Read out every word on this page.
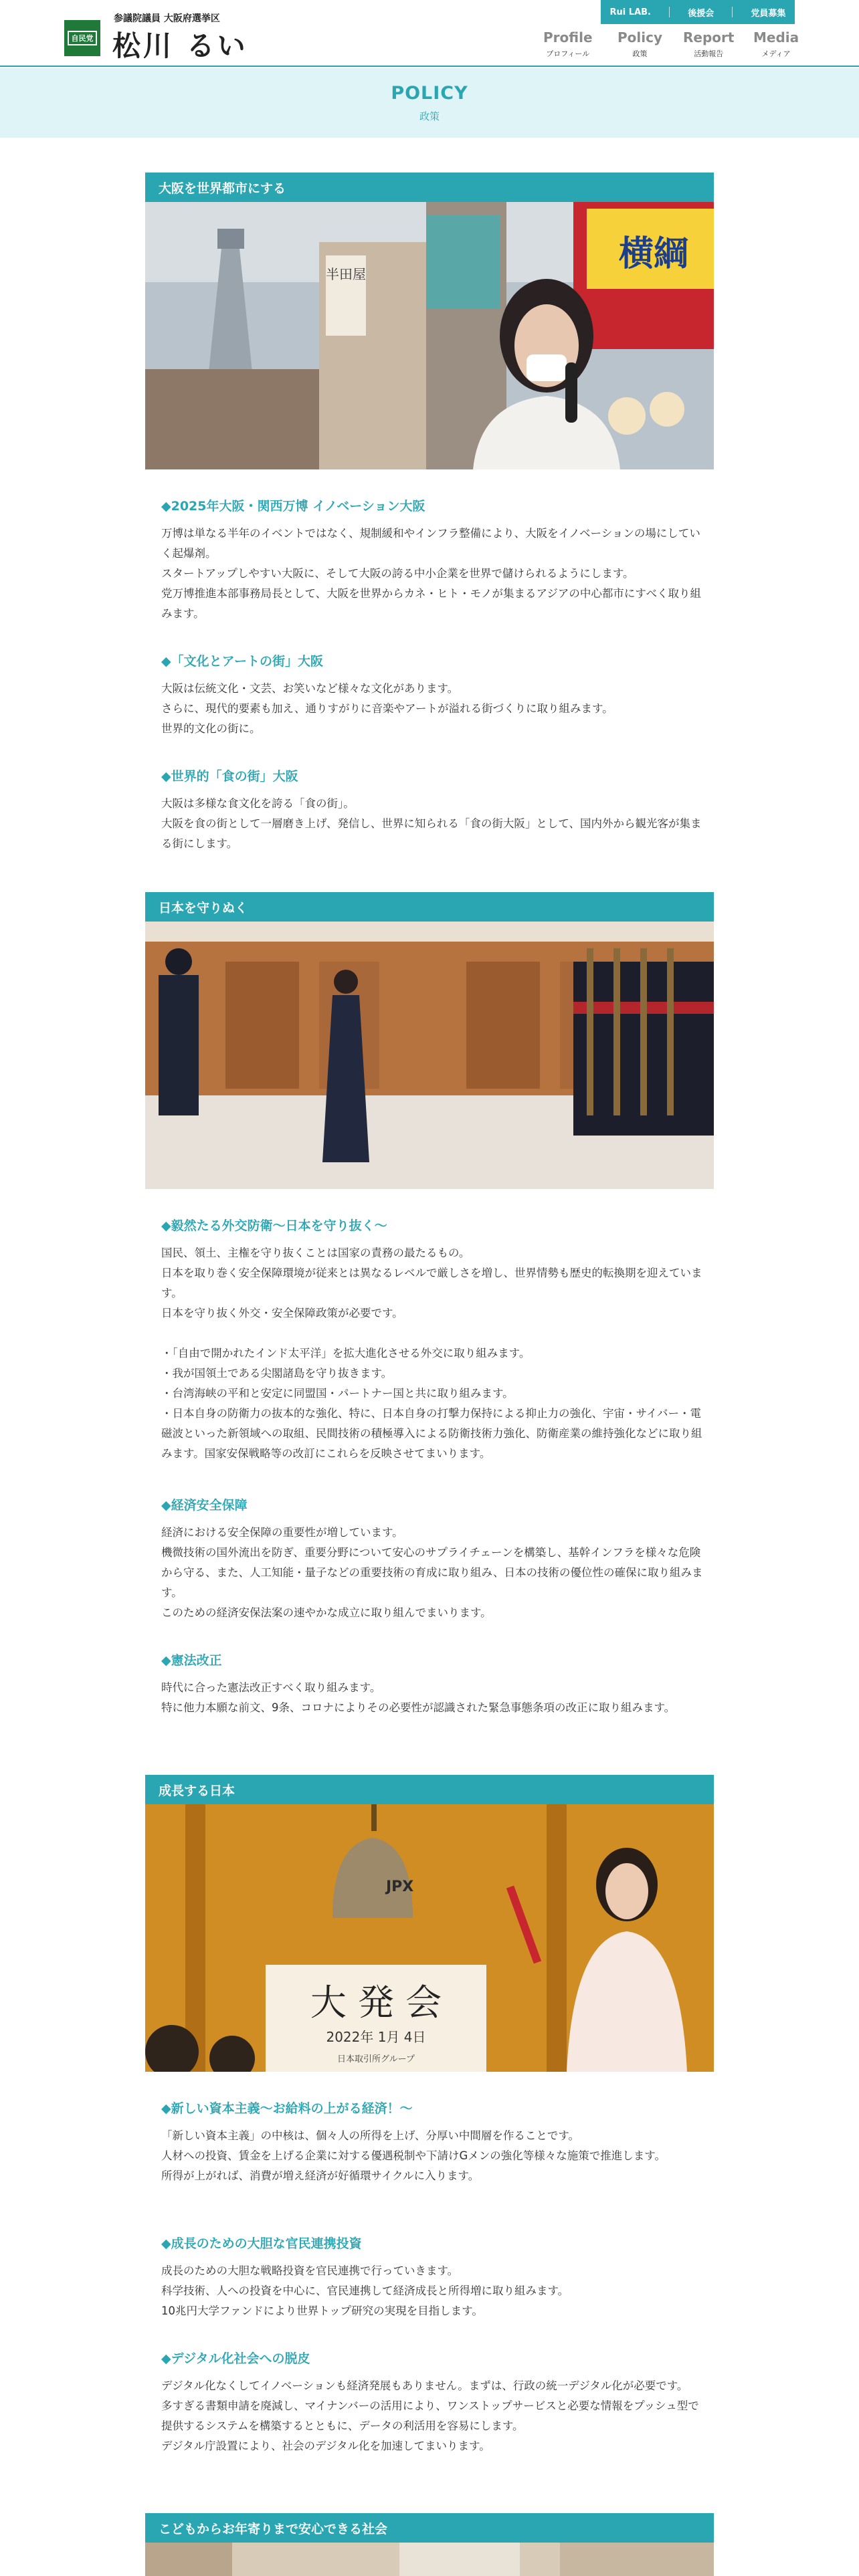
自民党
参議院議員 大阪府選挙区
松川 るい
Rui LAB.	後援会	党員募集
Profile
プロフィール
Policy
政策
Report
活動報告
Media
メディア
POLICY
政策
大阪を世界都市にする
半田屋	横綱
◆2025年大阪・関西万博 イノベーション大阪

万博は単なる半年のイベントではなく、規制緩和やインフラ整備により、大阪をイノベーションの場にしていく起爆剤。
スタートアップしやすい大阪に、そして大阪の誇る中小企業を世界で儲けられるようにします。
党万博推進本部事務局長として、大阪を世界からカネ・ヒト・モノが集まるアジアの中心都市にすべく取り組みます。

◆「文化とアートの街」大阪

大阪は伝統文化・文芸、お笑いなど様々な文化があります。
さらに、現代的要素も加え、通りすがりに音楽やアートが溢れる街づくりに取り組みます。
世界的文化の街に。

◆世界的「食の街」大阪

大阪は多様な食文化を誇る「食の街」。
大阪を食の街として一層磨き上げ、発信し、世界に知られる「食の街大阪」として、国内外から観光客が集まる街にします。

日本を守りぬく
◆毅然たる外交防衛〜日本を守り抜く〜

国民、領土、主権を守り抜くことは国家の責務の最たるもの。
日本を取り巻く安全保障環境が従来とは異なるレベルで厳しさを増し、世界情勢も歴史的転換期を迎えています。
日本を守り抜く外交・安全保障政策が必要です。

・「自由で開かれたインド太平洋」を拡大進化させる外交に取り組みます。
・我が国領土である尖閣諸島を守り抜きます。
・台湾海峡の平和と安定に同盟国・パートナー国と共に取り組みます。
・日本自身の防衛力の抜本的な強化、特に、日本自身の打撃力保持による抑止力の強化、宇宙・サイバー・電磁波といった新領域への取組、民間技術の積極導入による防衛技術力強化、防衛産業の維持強化などに取り組みます。国家安保戦略等の改訂にこれらを反映させてまいります。

◆経済安全保障

経済における安全保障の重要性が増しています。
機微技術の国外流出を防ぎ、重要分野について安心のサプライチェーンを構築し、基幹インフラを様々な危険から守る、また、人工知能・量子などの重要技術の育成に取り組み、日本の技術の優位性の確保に取り組みます。
このための経済安保法案の速やかな成立に取り組んでまいります。

◆憲法改正

時代に合った憲法改正すべく取り組みます。
特に他力本願な前文、9条、コロナによりその必要性が認識された緊急事態条項の改正に取り組みます。

成長する日本
JPX
大 発 会
2022年 1月 4日
日本取引所グループ
◆新しい資本主義〜お給料の上がる経済！〜

「新しい資本主義」の中核は、個々人の所得を上げ、分厚い中間層を作ることです。
人材への投資、賃金を上げる企業に対する優遇税制や下請けGメンの強化等様々な施策で推進します。
所得が上がれば、消費が増え経済が好循環サイクルに入ります。

◆成長のための大胆な官民連携投資

成長のための大胆な戦略投資を官民連携で行っていきます。
科学技術、人への投資を中心に、官民連携して経済成長と所得増に取り組みます。
10兆円大学ファンドにより世界トップ研究の実現を目指します。

◆デジタル化社会への脱皮

デジタル化なくしてイノベーションも経済発展もありません。まずは、行政の統一デジタル化が必要です。
多すぎる書類申請を廃減し、マイナンバーの活用により、ワンストップサービスと必要な情報をプッシュ型で提供するシステムを構築するとともに、データの利活用を容易にします。
デジタル庁設置により、社会のデジタル化を加速してまいります。

こどもからお年寄りまで安心できる社会
